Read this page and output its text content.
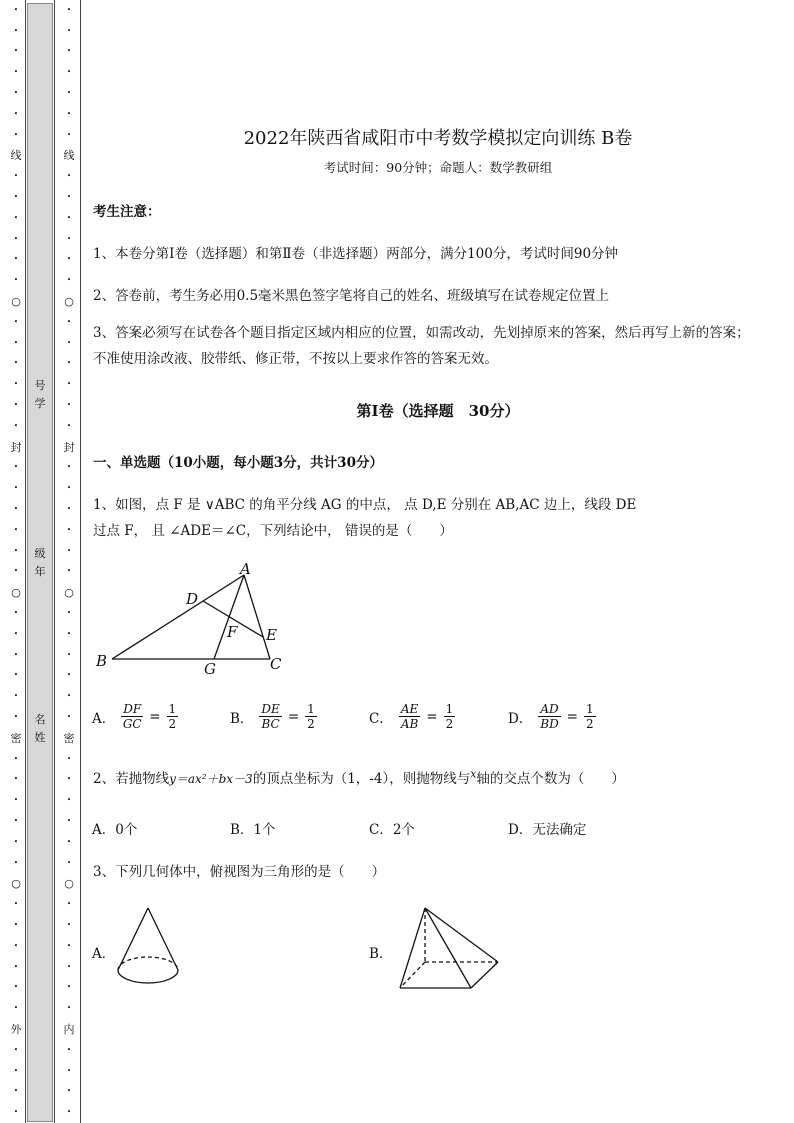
•
•
•
•
•
•
•
线
•
•
•
•
•
•
○
•
•
•
•
•
•
封
•
•
•
•
•
•
○
•
•
•
•
•
•
密
•
•
•
•
•
•
○
•
•
•
•
•
•
外
•
•
•
•
•
•
•
•
•
•
•
线
•
•
•
•
•
•
○
•
•
•
•
•
•
封
•
•
•
•
•
•
○
•
•
•
•
•
•
密
•
•
•
•
•
•
○
•
•
•
•
•
•
内
•
•
•
•
号
学
级
年
名
姓
2022年陕西省咸阳市中考数学模拟定向训练 B卷
考试时间：90分钟；命题人：数学教研组
考生注意：
1、本卷分第I卷（选择题）和第Ⅱ卷（非选择题）两部分，满分100分，考试时间90分钟
2、答卷前，考生务必用0.5毫米黑色签字笔将自己的姓名、班级填写在试卷规定位置上
3、答案必须写在试卷各个题目指定区域内相应的位置，如需改动，先划掉原来的答案，然后再写上新的答案；不准使用涂改液、胶带纸、修正带，不按以上要求作答的答案无效。
第I卷（选择题　30分）
一、单选题（10小题，每小题3分，共计30分）
1、如图，点 F 是 ∨ABC 的角平分线 AG 的中点， 点 D,E 分别在 AB,AC 边上，线段 DE
过点 F， 且 ∠ADE＝∠C，下列结论中， 错误的是（　　）
A
B	C
D
E
F
G
A． $\frac{DF}{GC} = \frac{1}{2}$	B． $\frac{DE}{BC} = \frac{1}{2}$	C． $\frac{AE}{AB} = \frac{1}{2}$	D． $\frac{AD}{BD} = \frac{1}{2}$
2、若抛物线y＝ax²＋bx－3的顶点坐标为（1，-4），则抛物线与$^x$轴的交点个数为（　　）
A．0个	B．1个	C．2个	D．无法确定
3、下列几何体中，俯视图为三角形的是（　　）
A．	B．
